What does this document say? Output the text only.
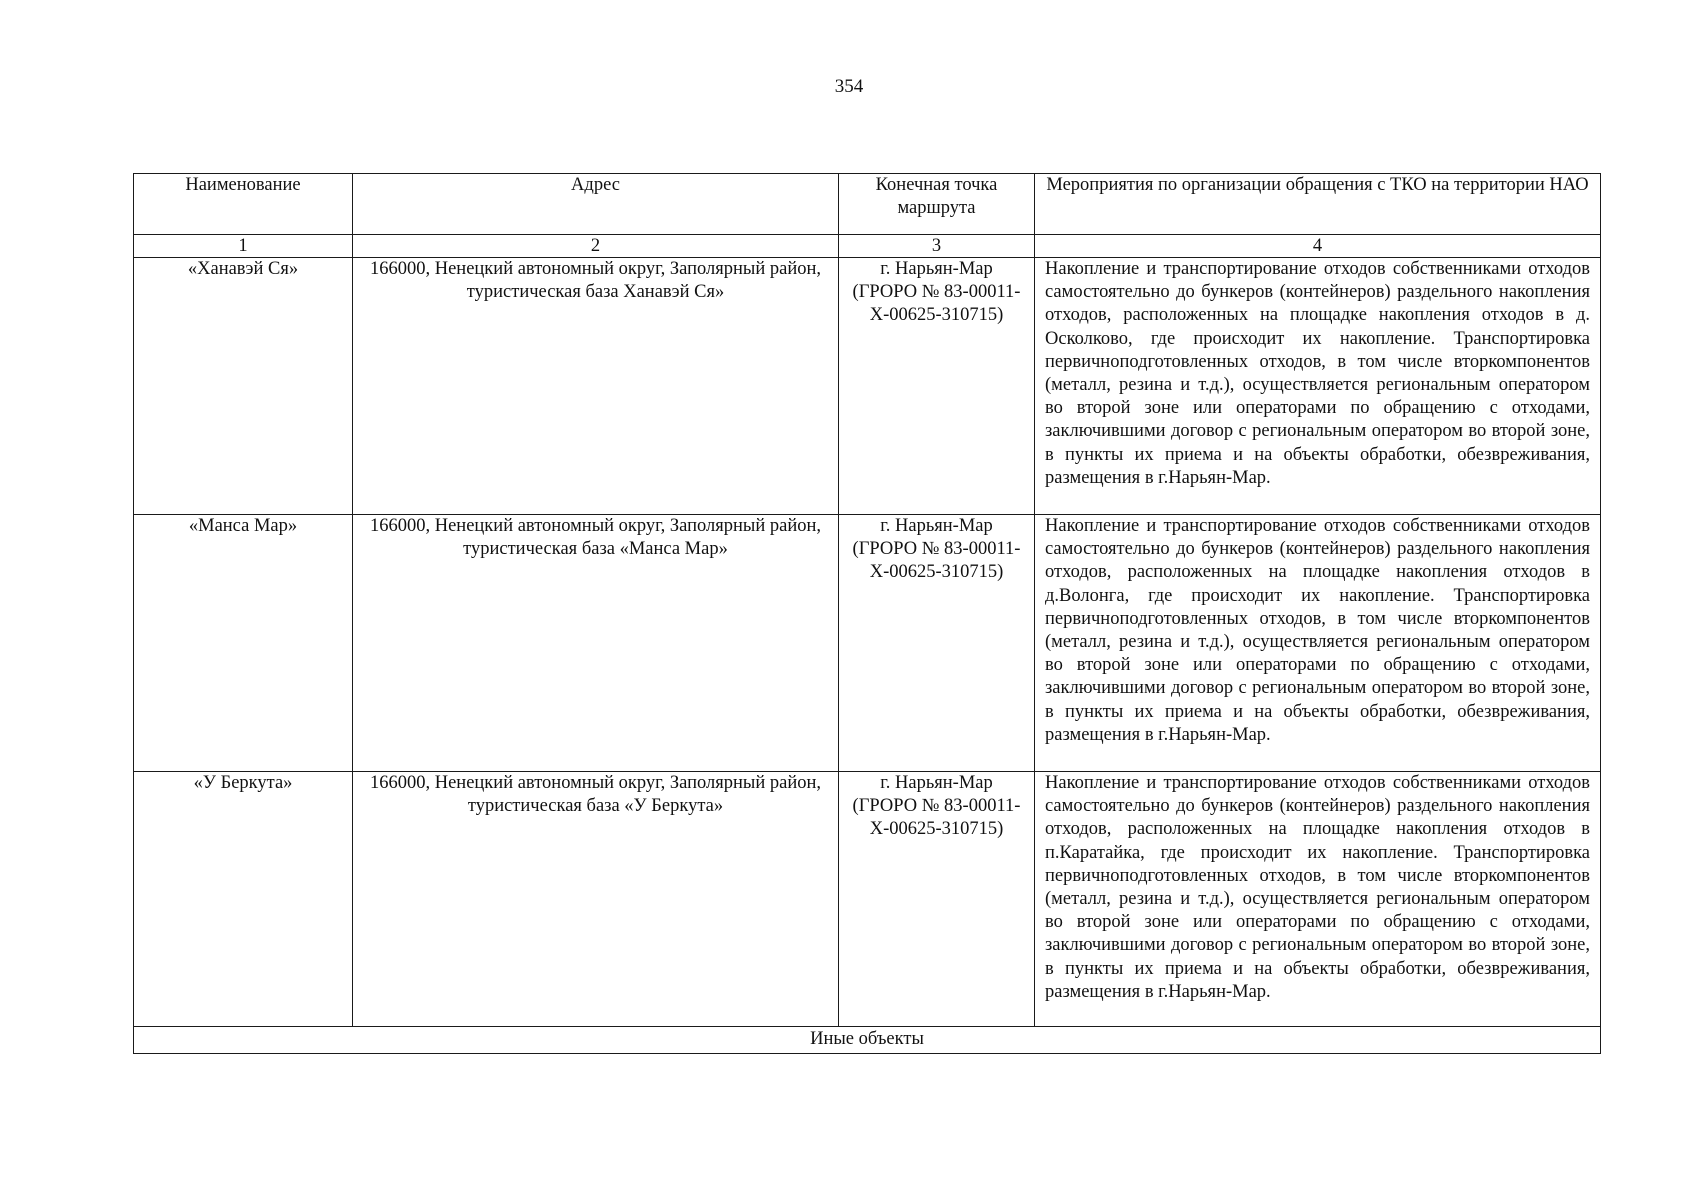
354
Наименование	Адрес	Конечная точка маршрута	Мероприятия по организации обращения с ТКО на территории НАО
1	2	3	4
«Ханавэй Ся»	166000, Ненецкий автономный округ, Заполярный район, туристическая база Ханавэй Ся»	г. Нарьян-Мар (ГРОРО № 83-00011-Х-00625-310715)	Накопление и транспортирование отходов собственниками отходов самостоятельно до бункеров (контейнеров) раздельного накопления отходов, расположенных на площадке накопления отходов в д. Осколково, где происходит их накопление. Транспортировка первичноподготовленных отходов, в том числе вторкомпонентов (металл, резина и т.д.), осуществляется региональным оператором во второй зоне или операторами по обращению с отходами, заключившими договор с региональным оператором во второй зоне, в пункты их приема и на объекты обработки, обезвреживания, размещения в г.Нарьян-Мар.
«Манса Мар»	166000, Ненецкий автономный округ, Заполярный район, туристическая база «Манса Мар»	г. Нарьян-Мар (ГРОРО № 83-00011-Х-00625-310715)	Накопление и транспортирование отходов собственниками отходов самостоятельно до бункеров (контейнеров) раздельного накопления отходов, расположенных на площадке накопления отходов в д.Волонга, где происходит их накопление. Транспортировка первичноподготовленных отходов, в том числе вторкомпонентов (металл, резина и т.д.), осуществляется региональным оператором во второй зоне или операторами по обращению с отходами, заключившими договор с региональным оператором во второй зоне, в пункты их приема и на объекты обработки, обезвреживания, размещения в г.Нарьян-Мар.
«У Беркута»	166000, Ненецкий автономный округ, Заполярный район, туристическая база «У Беркута»	г. Нарьян-Мар (ГРОРО № 83-00011-Х-00625-310715)	Накопление и транспортирование отходов собственниками отходов самостоятельно до бункеров (контейнеров) раздельного накопления отходов, расположенных на площадке накопления отходов в п.Каратайка, где происходит их накопление. Транспортировка первичноподготовленных отходов, в том числе вторкомпонентов (металл, резина и т.д.), осуществляется региональным оператором во второй зоне или операторами по обращению с отходами, заключившими договор с региональным оператором во второй зоне, в пункты их приема и на объекты обработки, обезвреживания, размещения в г.Нарьян-Мар.
Иные объекты			
